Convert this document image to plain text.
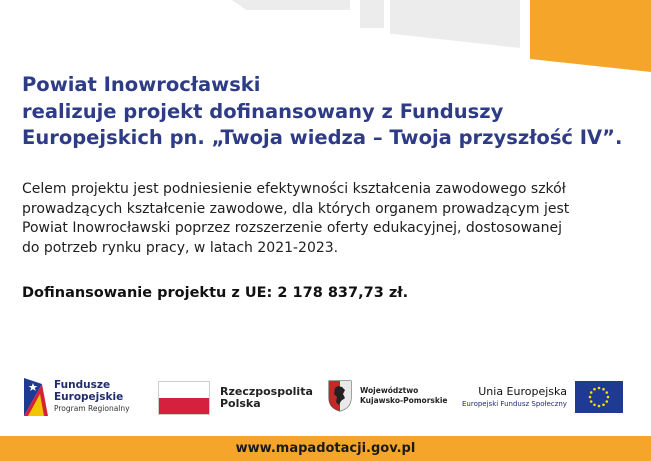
Powiat Inowrocławski
realizuje projekt dofinansowany z Funduszy
Europejskich pn. „Twoja wiedza – Twoja przyszłość IV”.

Celem projektu jest podniesienie efektywności kształcenia zawodowego szkół
prowadzących kształcenie zawodowe, dla których organem prowadzącym jest
Powiat Inowrocławski poprzez rozszerzenie oferty edukacyjnej, dostosowanej
do potrzeb rynku pracy, w latach 2021-2023.

Dofinansowanie projektu z UE: 2 178 837,73 zł.

Fundusze
Europejskie
Program Regionalny
Rzeczpospolita
Polska
Województwo
Kujawsko-Pomorskie
Unia Europejska
Europejski Fundusz Społeczny
www.mapadotacji.gov.pl
